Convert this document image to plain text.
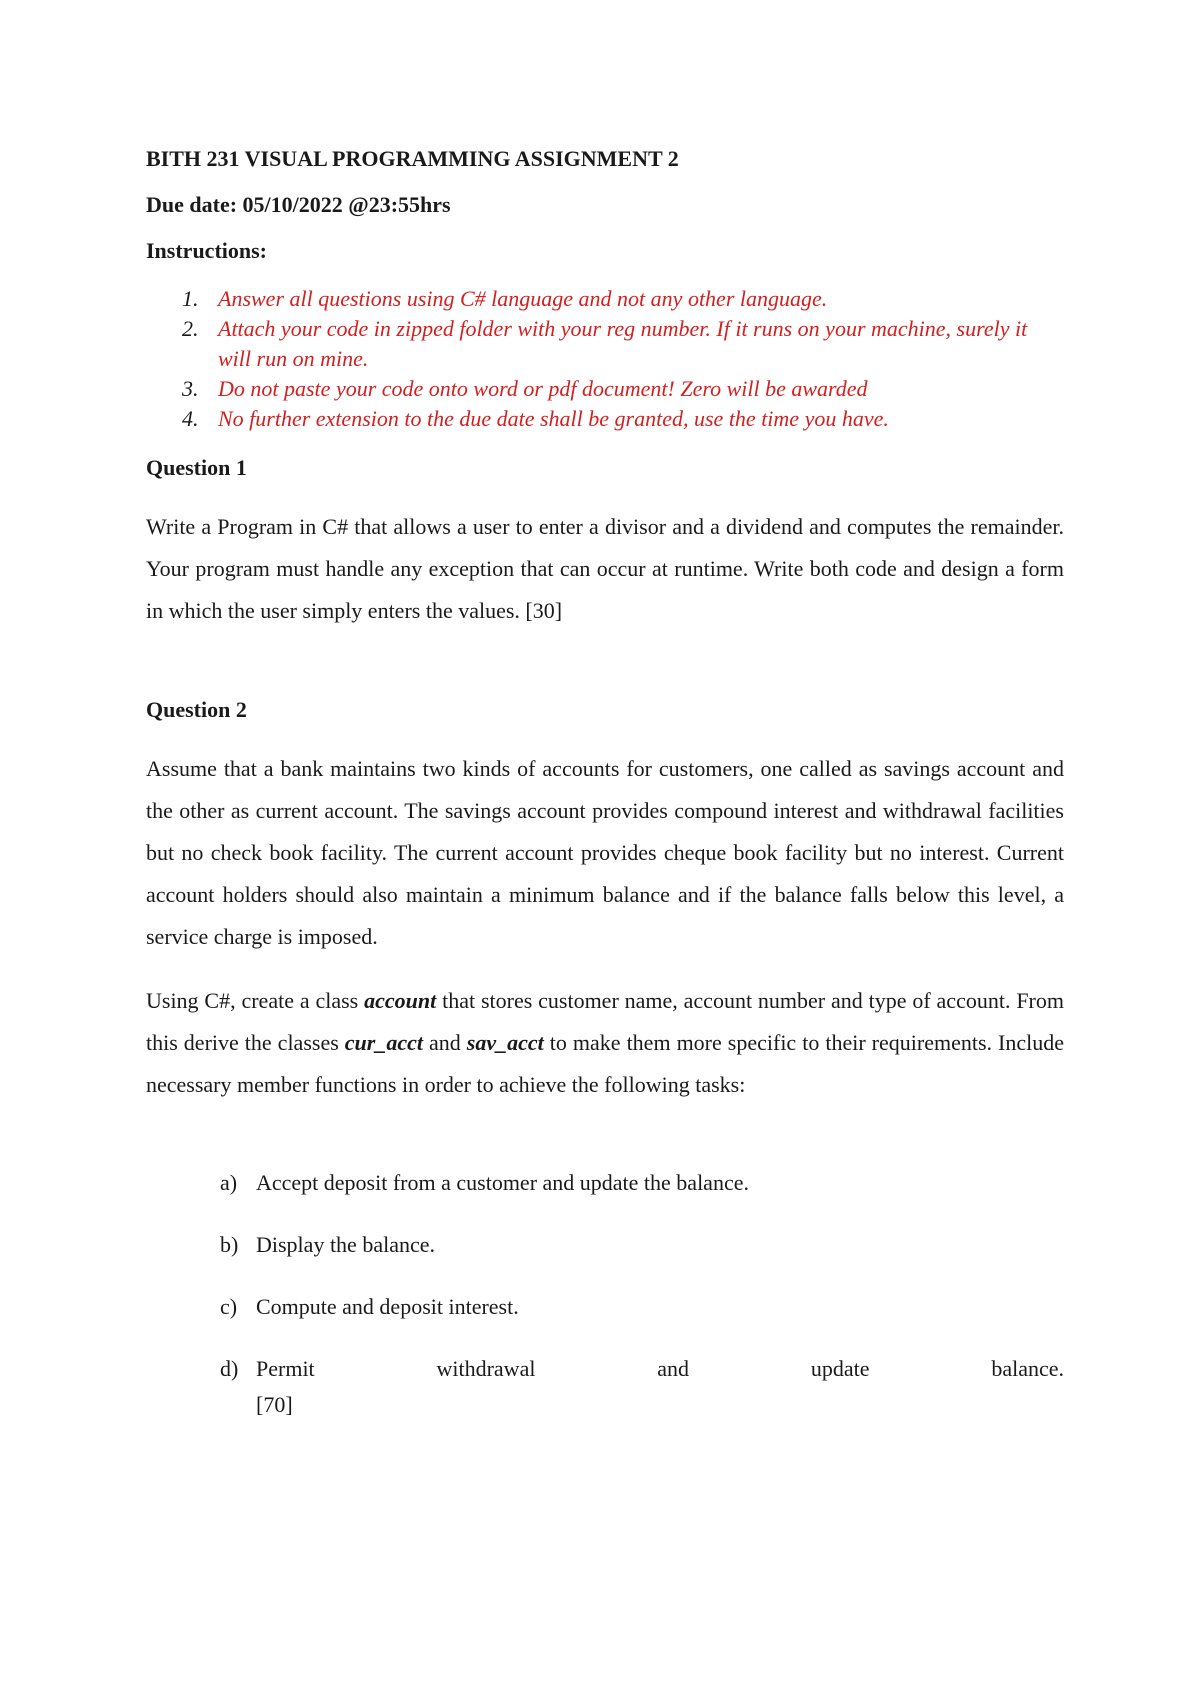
BITH 231 VISUAL PROGRAMMING ASSIGNMENT 2
Due date: 05/10/2022 @23:55hrs
Instructions:
1. Answer all questions using C# language and not any other language.
2. Attach your code in zipped folder with your reg number. If it runs on your machine, surely it will run on mine.
3. Do not paste your code onto word or pdf document! Zero will be awarded
4. No further extension to the due date shall be granted, use the time you have.
Question 1
Write a Program in C# that allows a user to enter a divisor and a dividend and computes the remainder. Your program must handle any exception that can occur at runtime. Write both code and design a form in which the user simply enters the values. [30]
Question 2
Assume that a bank maintains two kinds of accounts for customers, one called as savings account and the other as current account. The savings account provides compound interest and withdrawal facilities but no check book facility. The current account provides cheque book facility but no interest. Current account holders should also maintain a minimum balance and if the balance falls below this level, a service charge is imposed.
Using C#, create a class account that stores customer name, account number and type of account. From this derive the classes cur_acct and sav_acct to make them more specific to their requirements. Include necessary member functions in order to achieve the following tasks:
a) Accept deposit from a customer and update the balance.
b) Display the balance.
c) Compute and deposit interest.
d) Permit withdrawal and update balance.
[70]
